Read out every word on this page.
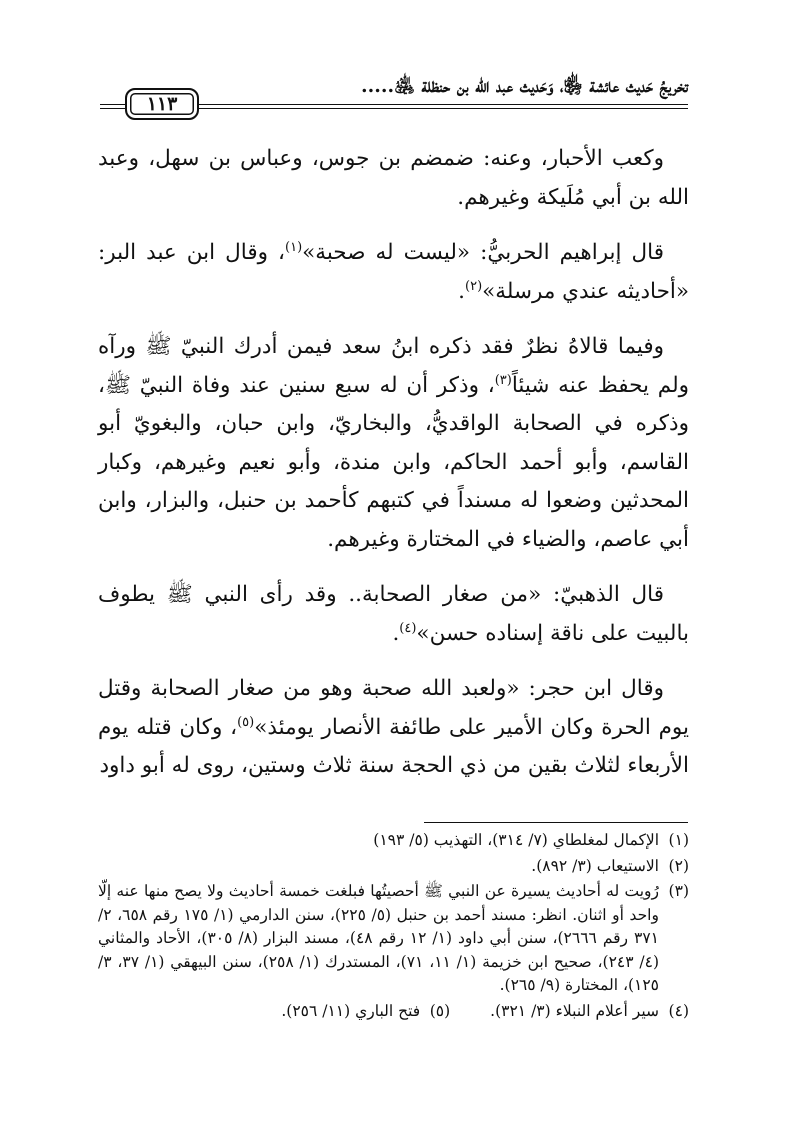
تخريجُ حَديث عائشة ﵂، وَحَديث عبد الله بن حنظلة ﵁.....
١١٣

وكعب الأحبار، وعنه: ضمضم بن جوس، وعباس بن سهل، وعبد الله بن أبي مُلَيكة وغيرهم.

قال إبراهيم الحربيُّ: «ليست له صحبة»$^{(١)}$، وقال ابن عبد البر: «أحاديثه عندي مرسلة»$^{(٢)}$.

وفيما قالاهُ نظرٌ فقد ذكره ابنُ سعد فيمن أدرك النبيّ ﷺ ورآه ولم يحفظ عنه شيئاً$^{(٣)}$، وذكر أن له سبع سنين عند وفاة النبيّ ﷺ، وذكره في الصحابة الواقديُّ، والبخاريّ، وابن حبان، والبغويّ أبو القاسم، وأبو أحمد الحاكم، وابن مندة، وأبو نعيم وغيرهم، وكبار المحدثين وضعوا له مسنداً في كتبهم كأحمد بن حنبل، والبزار، وابن أبي عاصم، والضياء في المختارة وغيرهم.

قال الذهبيّ: «من صغار الصحابة.. وقد رأى النبي ﷺ يطوف بالبيت على ناقة إسناده حسن»$^{(٤)}$.

وقال ابن حجر: «ولعبد الله صحبة وهو من صغار الصحابة وقتل يوم الحرة وكان الأمير على طائفة الأنصار يومئذ»$^{(٥)}$، وكان قتله يوم الأربعاء لثلاث بقين من ذي الحجة سنة ثلاث وستين، روى له أبو داود

(١)
الإكمال لمغلطاي (٧/ ٣١٤)، التهذيب (٥/ ١٩٣)
(٢)
الاستيعاب (٣/ ٨٩٢).
(٣)
رُويت له أحاديث يسيرة عن النبي ﷺ أحصيتُها فبلغت خمسة أحاديث ولا يصح منها عنه إلّا واحد أو اثنان. انظر: مسند أحمد بن حنبل (٥/ ٢٢٥)، سنن الدارمي (١/ ١٧٥ رقم ٦٥٨، ٢/ ٣٧١ رقم ٢٦٦٦)، سنن أبي داود (١/ ١٢ رقم ٤٨)، مسند البزار (٨/ ٣٠٥)، الأحاد والمثاني (٤/ ٢٤٣)، صحيح ابن خزيمة (١/ ١١، ٧١)، المستدرك (١/ ٢٥٨)، سنن البيهقي (١/ ٣٧، ٣/ ١٢٥)، المختارة (٩/ ٢٦٥).
(٤)
سير أعلام النبلاء (٣/ ٣٢١).
(٥)
فتح الباري (١١/ ٢٥٦).
